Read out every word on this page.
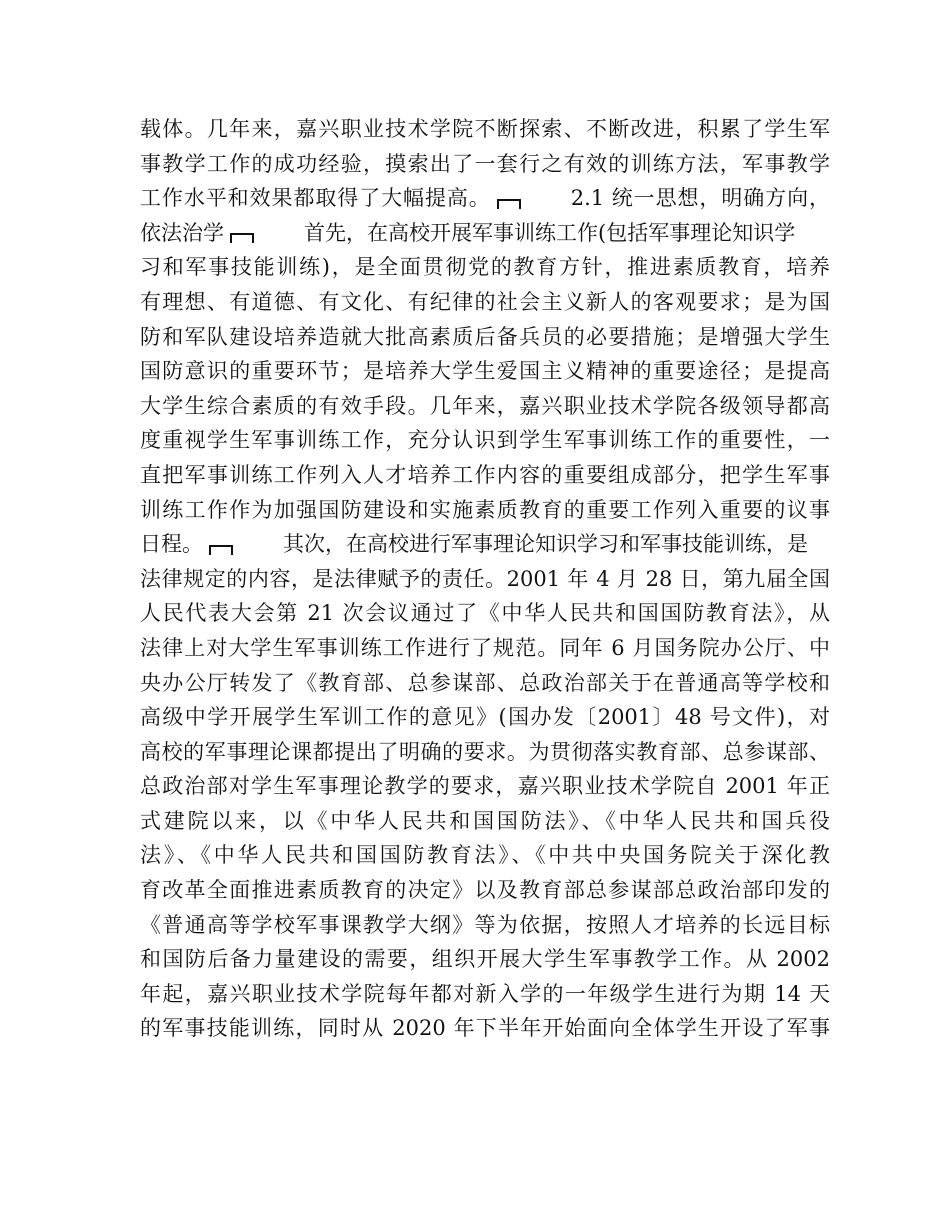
载体。几年来，嘉兴职业技术学院不断探索、不断改进，积累了学生军
事教学工作的成功经验，摸索出了一套行之有效的训练方法，军事教学
工作水平和效果都取得了大幅提高。	2.1 统一思想，明确方向，
依法治学	首先，在高校开展军事训练工作(包括军事理论知识学
习和军事技能训练)，是全面贯彻党的教育方针，推进素质教育，培养
有理想、有道德、有文化、有纪律的社会主义新人的客观要求；是为国
防和军队建设培养造就大批高素质后备兵员的必要措施；是增强大学生
国防意识的重要环节；是培养大学生爱国主义精神的重要途径；是提高
大学生综合素质的有效手段。几年来，嘉兴职业技术学院各级领导都高
度重视学生军事训练工作，充分认识到学生军事训练工作的重要性，一
直把军事训练工作列入人才培养工作内容的重要组成部分，把学生军事
训练工作作为加强国防建设和实施素质教育的重要工作列入重要的议事
日程。	其次，在高校进行军事理论知识学习和军事技能训练，是
法律规定的内容，是法律赋予的责任。2001 年 4 月 28 日，第九届全国
人民代表大会第 21 次会议通过了《中华人民共和国国防教育法》，从
法律上对大学生军事训练工作进行了规范。同年 6 月国务院办公厅、中
央办公厅转发了《教育部、总参谋部、总政治部关于在普通高等学校和
高级中学开展学生军训工作的意见》(国办发〔2001〕48 号文件)，对
高校的军事理论课都提出了明确的要求。为贯彻落实教育部、总参谋部、
总政治部对学生军事理论教学的要求，嘉兴职业技术学院自 2001 年正
式建院以来，以《中华人民共和国国防法》、《中华人民共和国兵役
法》、《中华人民共和国国防教育法》、《中共中央国务院关于深化教
育改革全面推进素质教育的决定》以及教育部总参谋部总政治部印发的
《普通高等学校军事课教学大纲》等为依据，按照人才培养的长远目标
和国防后备力量建设的需要，组织开展大学生军事教学工作。从 2002
年起，嘉兴职业技术学院每年都对新入学的一年级学生进行为期 14 天
的军事技能训练，同时从 2020 年下半年开始面向全体学生开设了军事
